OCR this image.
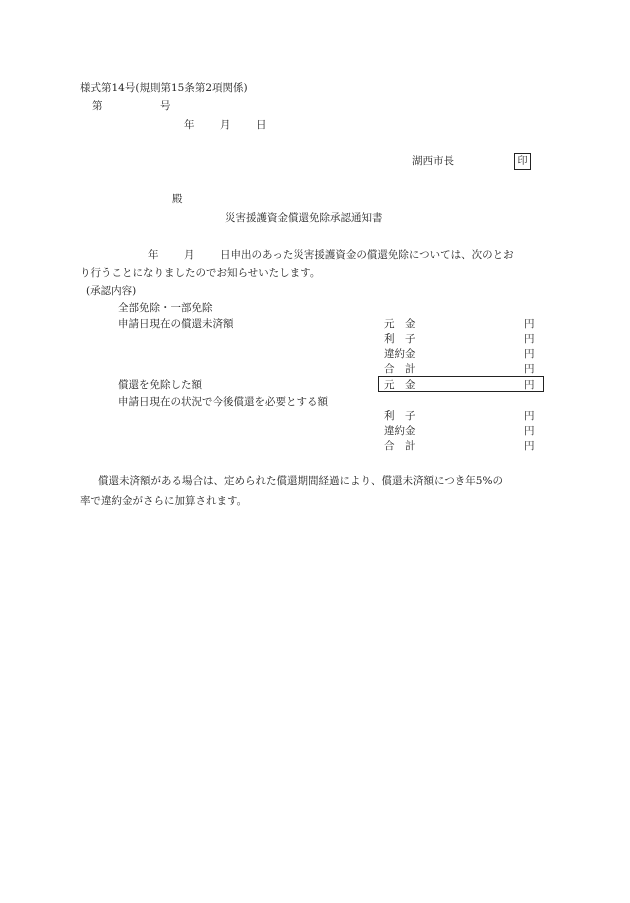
様式第14号(規則第15条第2項関係)
第	号
年 月 日
湖西市長	印
殿
災害援護資金償還免除承認通知書
年 月 日申出のあった災害援護資金の償還免除については、次のとお
り行うことになりましたのでお知らせいたします。
(承認内容)
全部免除・一部免除
申請日現在の償還未済額	元　金	円
利　子	円
違約金	円
合　計	円
償還を免除した額	元　金	円
申請日現在の状況で今後償還を必要とする額
利　子	円
違約金	円
合　計	円
償還未済額がある場合は、定められた償還期間経過により、償還未済額につき年5%の
率で違約金がさらに加算されます。
